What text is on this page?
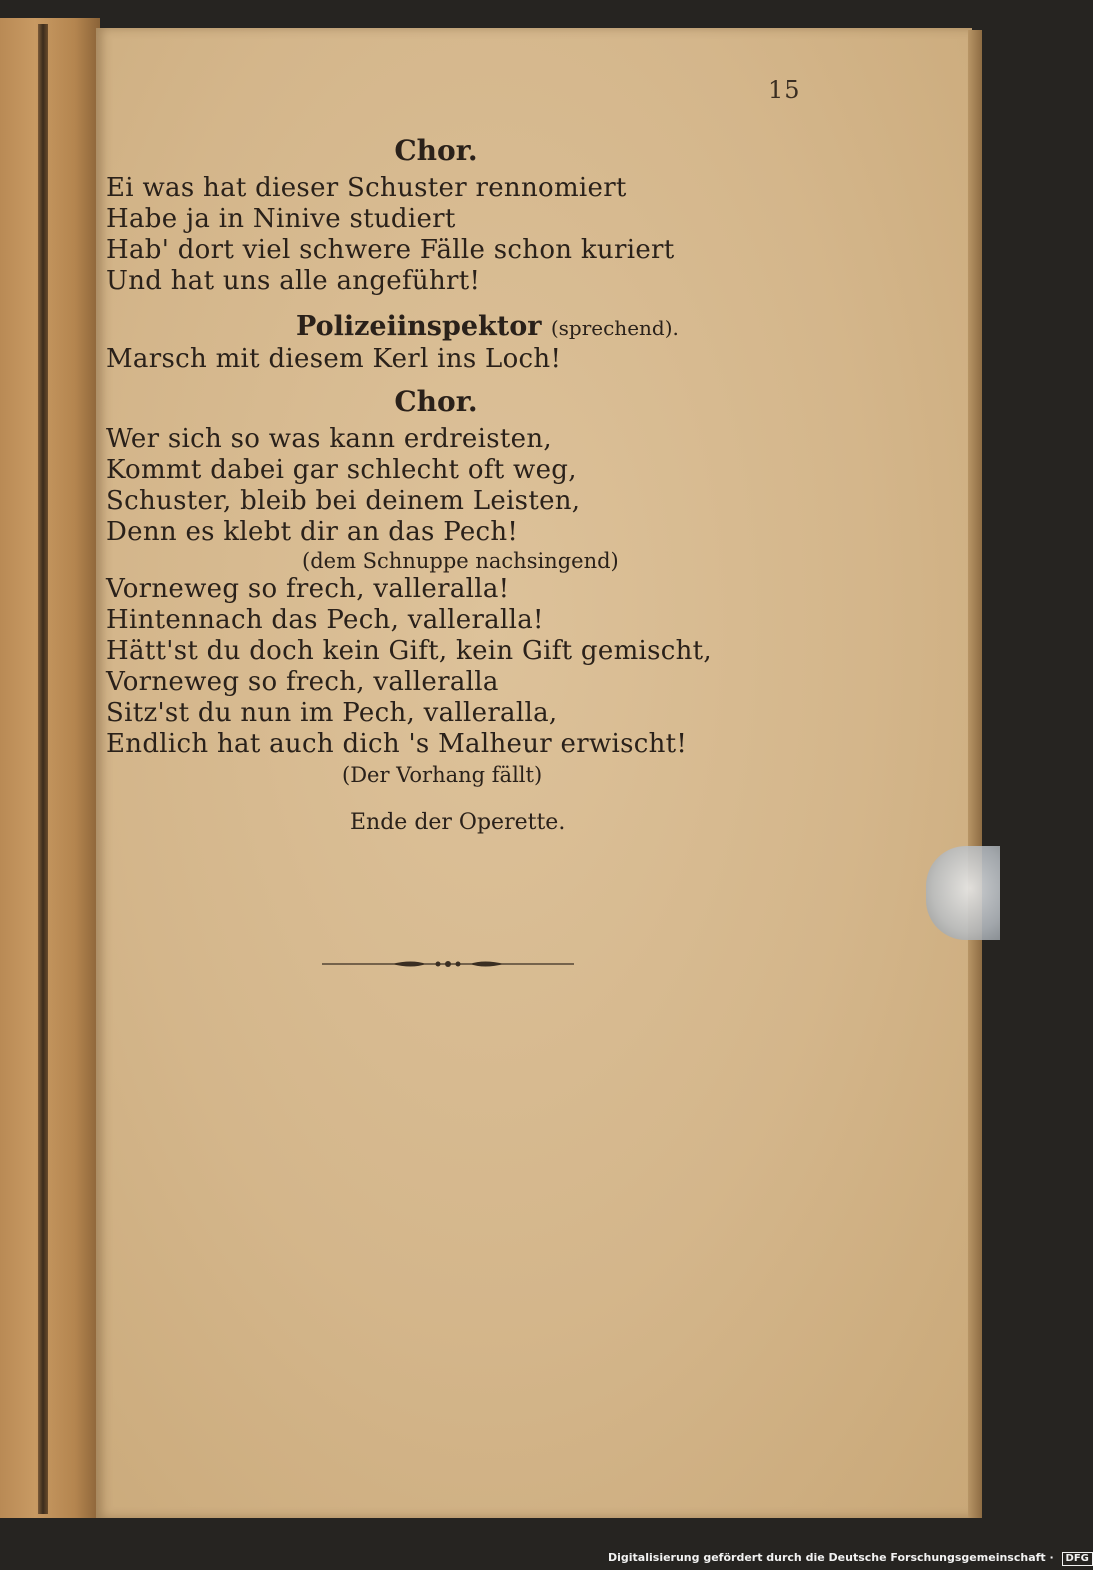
15
Chor.
Ei was hat dieser Schuster rennomiert
Habe ja in Ninive studiert
Hab' dort viel schwere Fälle schon kuriert
Und hat uns alle angeführt!
Polizeiinspektor (sprechend).
Marsch mit diesem Kerl ins Loch!
Chor.
Wer sich so was kann erdreisten,
Kommt dabei gar schlecht oft weg,
Schuster, bleib bei deinem Leisten,
Denn es klebt dir an das Pech!
(dem Schnuppe nachsingend)
Vorneweg so frech, valleralla!
Hintennach das Pech, valleralla!
Hätt'st du doch kein Gift, kein Gift gemischt,
Vorneweg so frech, valleralla
Sitz'st du nun im Pech, valleralla,
Endlich hat auch dich 's Malheur erwischt!
(Der Vorhang fällt)
Ende der Operette.
Digitalisierung gefördert durch die Deutsche Forschungsgemeinschaft · DFG
